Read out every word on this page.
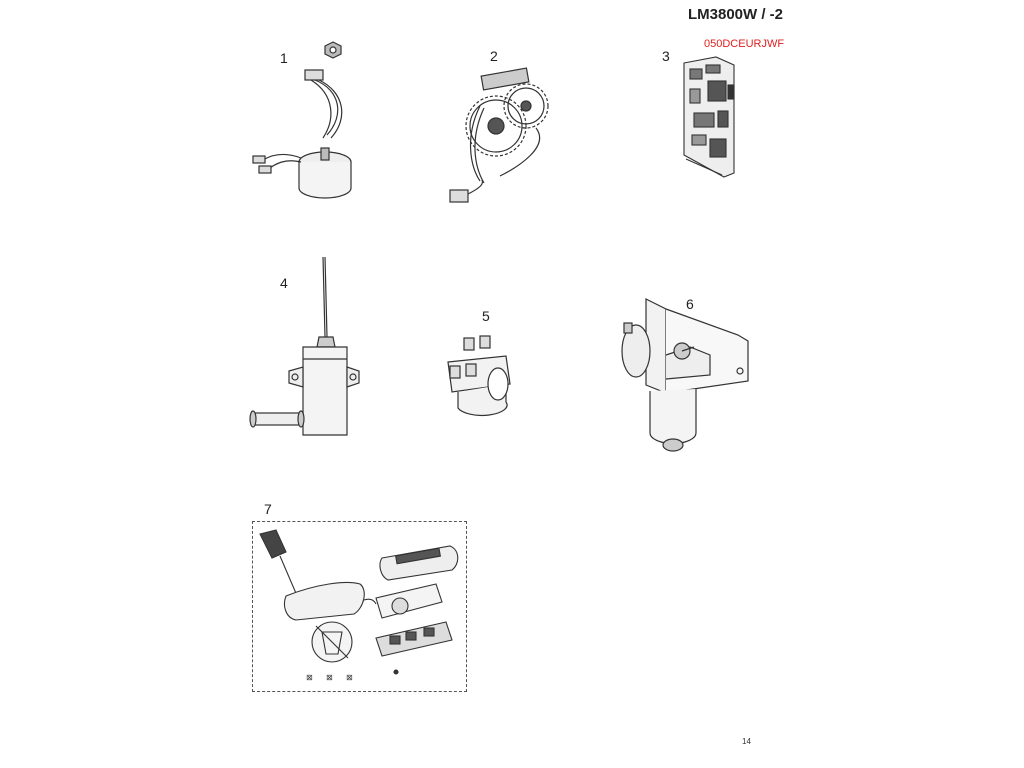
LM3800W / -2
050DCEURJWF
1	2	3
4
5
6
7
⊠ ⊠ ⊠
14
